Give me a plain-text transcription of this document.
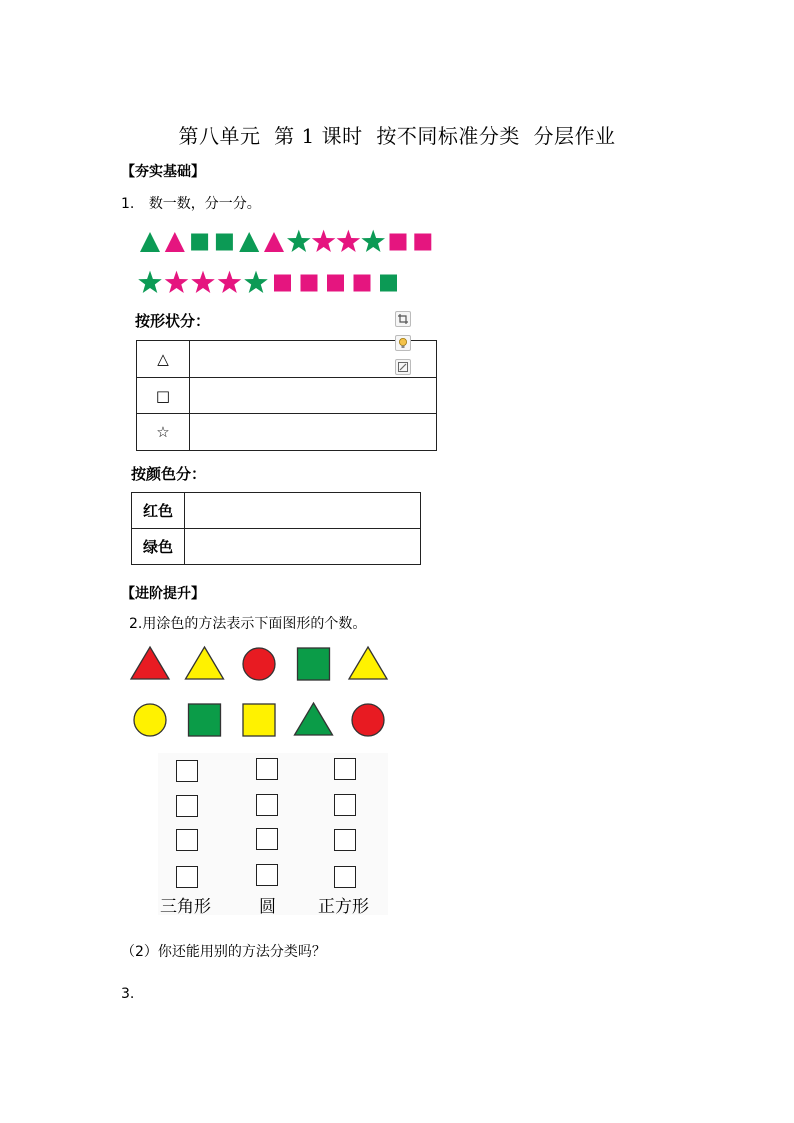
第八单元  第 1 课时  按不同标准分类  分层作业
【夯实基础】
1. 数一数，分一分。
按形状分：
△	
□	
☆	
按颜色分：
红色	
绿色	
【进阶提升】
2.用涂色的方法表示下面图形的个数。
三角形	圆 正方形
（2）你还能用别的方法分类吗？
3.
